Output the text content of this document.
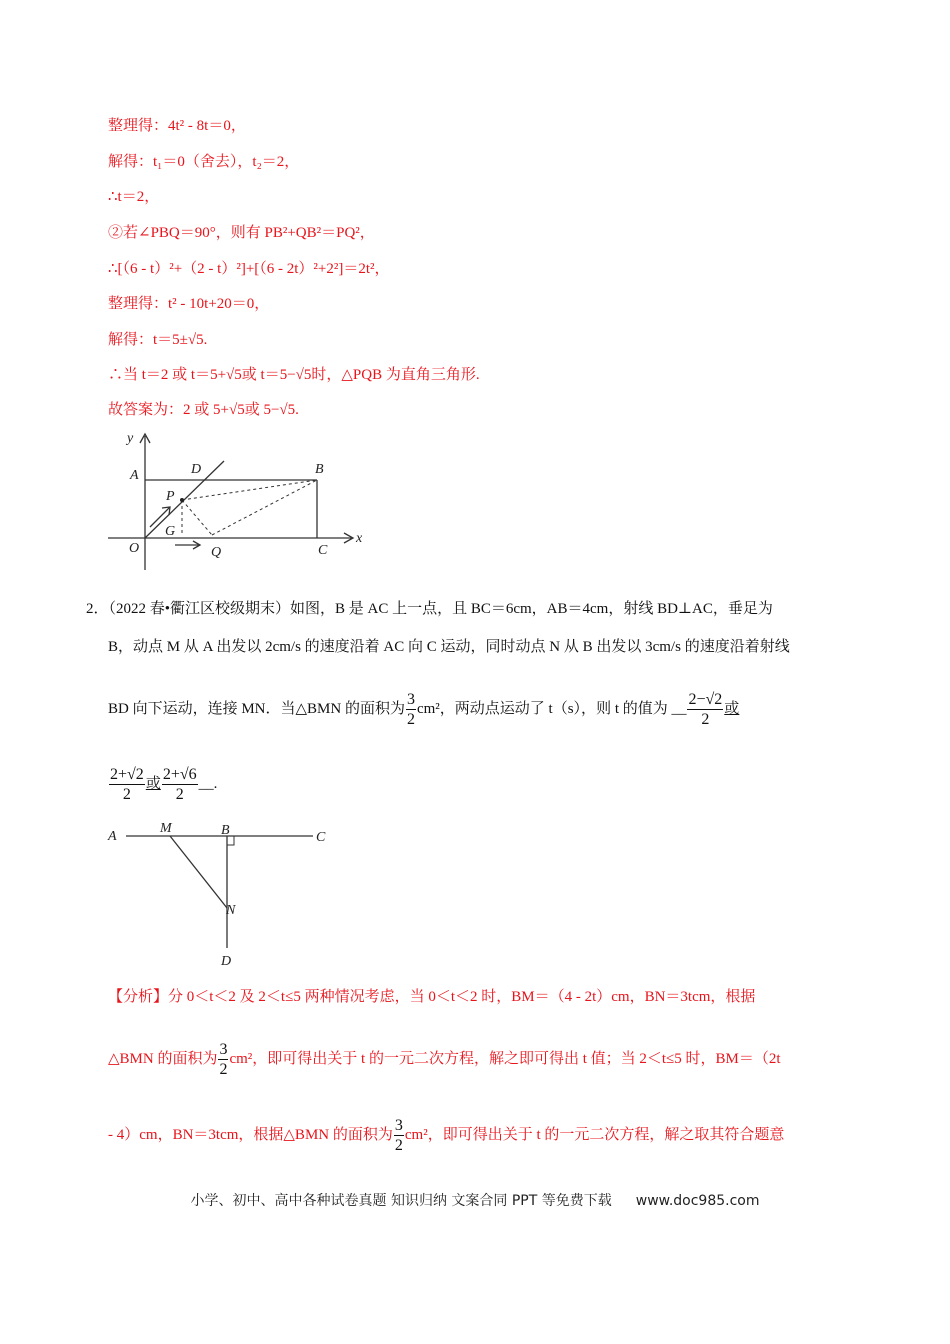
整理得：4t² ‐ 8t＝0，
解得：t₁＝0（舍去），t₂＝2，
∴t＝2，
②若∠PBQ＝90°，则有 PB²+QB²＝PQ²，
∴[（6 ‐ t）²+（2 ‐ t）²]+[（6 ‐ 2t）²+2²]＝2t²，
整理得：t² ‐ 10t+20＝0，
解得：t＝5±√5.
∴当 t＝2 或 t＝5+√5或 t＝5−√5时，△PQB 为直角三角形.
故答案为：2 或 5+√5或 5−√5.
y
A	D	B
P
G
O	Q	C
x
A
M	B	C
N
D
2．（2022 春•衢江区校级期末）如图，B 是 AC 上一点，且 BC＝6cm，AB＝4cm，射线 BD⊥AC，垂足为
B，动点 M 从 A 出发以 2cm/s 的速度沿着 AC 向 C 运动，同时动点 N 从 B 出发以 3cm/s 的速度沿着射线
BD 向下运动，连接 MN．当△BMN 的面积为 $\frac{3}{2} cm^2$，两动点运动了 t（s），则 t 的值为 __ $\frac{2-√2}{2}$ 或
$\frac{2+√2}{2}$ 或 $\frac{2+√6}{2}$ __.
【分析】分 0＜t＜2 及 2＜t≤5 两种情况考虑，当 0＜t＜2 时，BM＝（4 ‐ 2t）cm，BN＝3tcm，根据
△BMN 的面积为 $\frac{3}{2} cm^2$，即可得出关于 t 的一元二次方程，解之即可得出 t 值；当 2＜t≤5 时，BM＝（2t
‐ 4）cm，BN＝3tcm，根据△BMN 的面积为 $\frac{3}{2} cm^2$，即可得出关于 t 的一元二次方程，解之取其符合题意
小学、初中、高中各种试卷真题 知识归纳 文案合同 PPT 等免费下载 www.doc985.com
